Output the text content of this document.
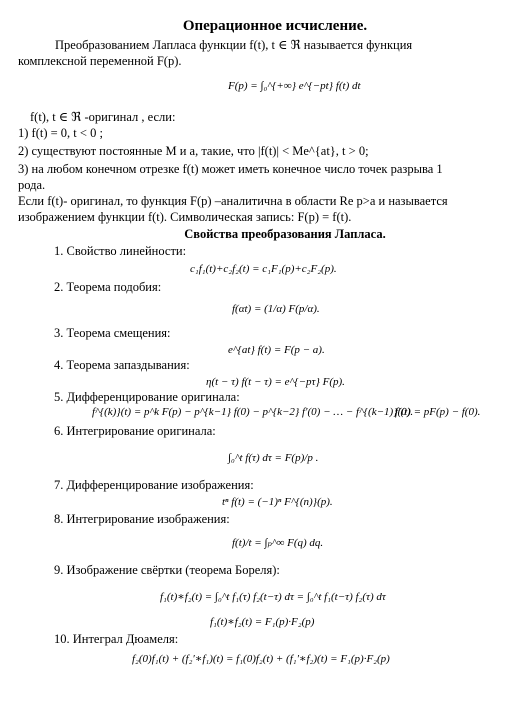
Операционное исчисление.
Преобразованием Лапласа функции f(t), t ∈ ℜ называется функция
комплексной переменной F(p).
F(p) = ∫₀^{+∞} e^{−pt} f(t) dt
f(t), t ∈ ℜ -оригинал , если:
1) f(t) = 0, t < 0 ;
2) существуют постоянные М и a, такие, что |f(t)| < Me^{at}, t > 0;
3) на любом конечном отрезке f(t) может иметь конечное число точек разрыва 1
рода.
Если f(t)- оригинал, то функция F(p) –аналитична в области Re p>a и называется
изображением функции f(t). Символическая запись: F(p) = f(t).
Свойства преобразования Лапласа.
1. Свойство линейности:
c₁f₁(t)+c₂f₂(t) = c₁F₁(p)+c₂F₂(p).
2. Теорема подобия:
f(αt) = (1/α) F(p/α).
3. Теорема смещения:
e^{at} f(t) = F(p − a).
4. Теорема запаздывания:
η(t − τ) f(t − τ) = e^{−pτ} F(p).
5. Дифференцирование оригинала:
f^{(k)}(t) = p^k F(p) − p^{k−1} f(0) − p^{k−2} f′(0) − … − f^{(k−1)}(0).
f′(t) = pF(p) − f(0).
6. Интегрирование оригинала:
∫₀^t f(τ) dτ = F(p)/p .
7. Дифференцирование изображения:
tⁿ f(t) = (−1)ⁿ F^{(n)}(p).
8. Интегрирование изображения:
f(t)/t = ∫ₚ^∞ F(q) dq.
9. Изображение свёртки (теорема Бореля):
f₁(t)∗f₂(t) = ∫₀^t f₁(τ) f₂(t−τ) dτ = ∫₀^t f₁(t−τ) f₂(τ) dτ
f₁(t)∗f₂(t) = F₁(p)·F₂(p)
10. Интеграл Дюамеля:
f₂(0)f₁(t) + (f₂′∗f₁)(t) = f₁(0)f₂(t) + (f₁′∗f₂)(t) = F₁(p)·F₂(p)
